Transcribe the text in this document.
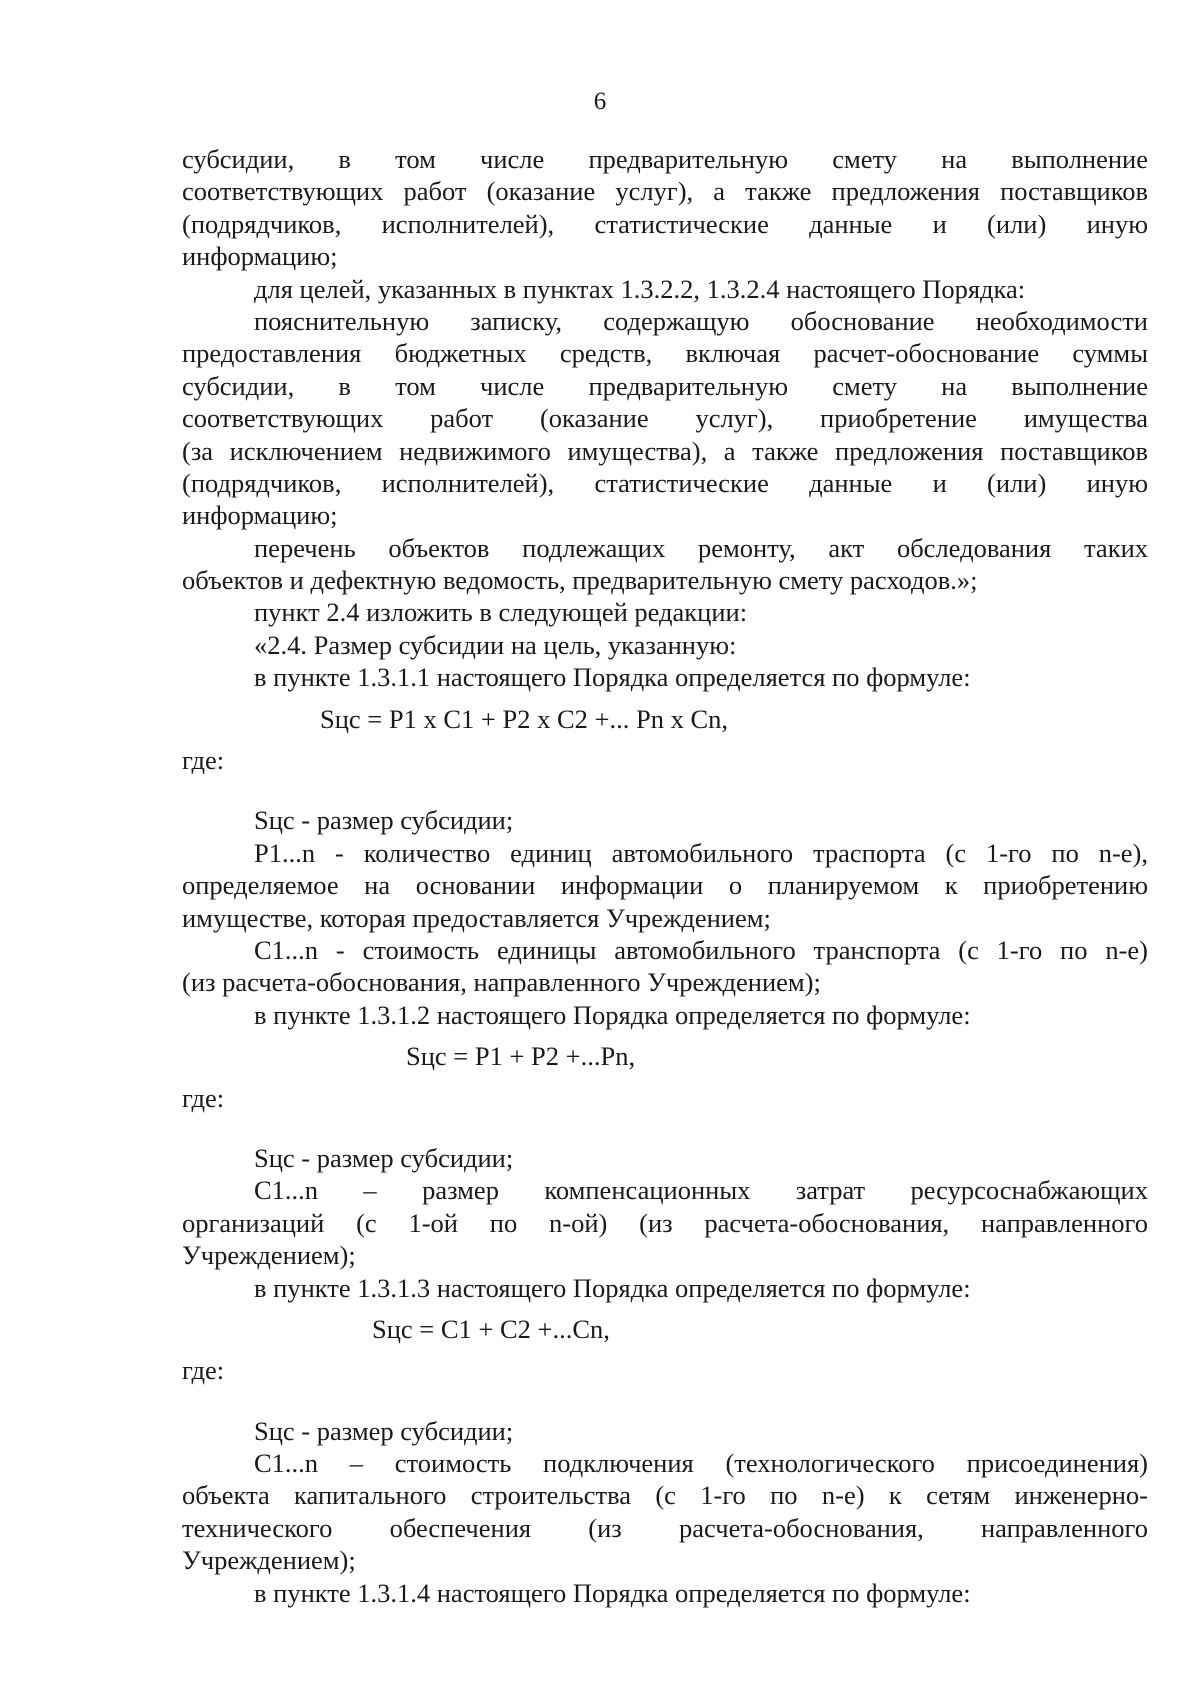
6
субсидии, в том числе предварительную смету на выполнение
соответствующих работ (оказание услуг), а также предложения поставщиков
(подрядчиков, исполнителей), статистические данные и (или) иную
информацию;
для целей, указанных в пунктах 1.3.2.2, 1.3.2.4 настоящего Порядка:
пояснительную записку, содержащую обоснование необходимости
предоставления бюджетных средств, включая расчет-обоснование суммы
субсидии, в том числе предварительную смету на выполнение
соответствующих работ (оказание услуг), приобретение имущества
(за исключением недвижимого имущества), а также предложения поставщиков
(подрядчиков, исполнителей), статистические данные и (или) иную
информацию;
перечень объектов подлежащих ремонту, акт обследования таких
объектов и дефектную ведомость, предварительную смету расходов.»;
пункт 2.4 изложить в следующей редакции:
«2.4. Размер субсидии на цель, указанную:
в пункте 1.3.1.1 настоящего Порядка определяется по формуле:
Sцс = P1 x C1 + P2 x C2 +... Pn x Cn,
где:
Sцс - размер субсидии;
P1...n - количество единиц автомобильного траспорта (с 1-го по n-е),
определяемое на основании информации о планируемом к приобретению
имуществе, которая предоставляется Учреждением;
C1...n - стоимость единицы автомобильного транспорта (с 1-го по n-е)
(из расчета-обоснования, направленного Учреждением);
в пункте 1.3.1.2 настоящего Порядка определяется по формуле:
Sцс = P1 + P2 +...Pn,
где:
Sцс - размер субсидии;
C1...n – размер компенсационных затрат ресурсоснабжающих
организаций (с 1-ой по n-ой) (из расчета-обоснования, направленного
Учреждением);
в пункте 1.3.1.3 настоящего Порядка определяется по формуле:
Sцс = C1 + C2 +...Cn,
где:
Sцс - размер субсидии;
C1...n – стоимость подключения (технологического присоединения)
объекта капитального строительства (с 1-го по n-е) к сетям инженерно-
технического обеспечения (из расчета-обоснования, направленного
Учреждением);
в пункте 1.3.1.4 настоящего Порядка определяется по формуле:
